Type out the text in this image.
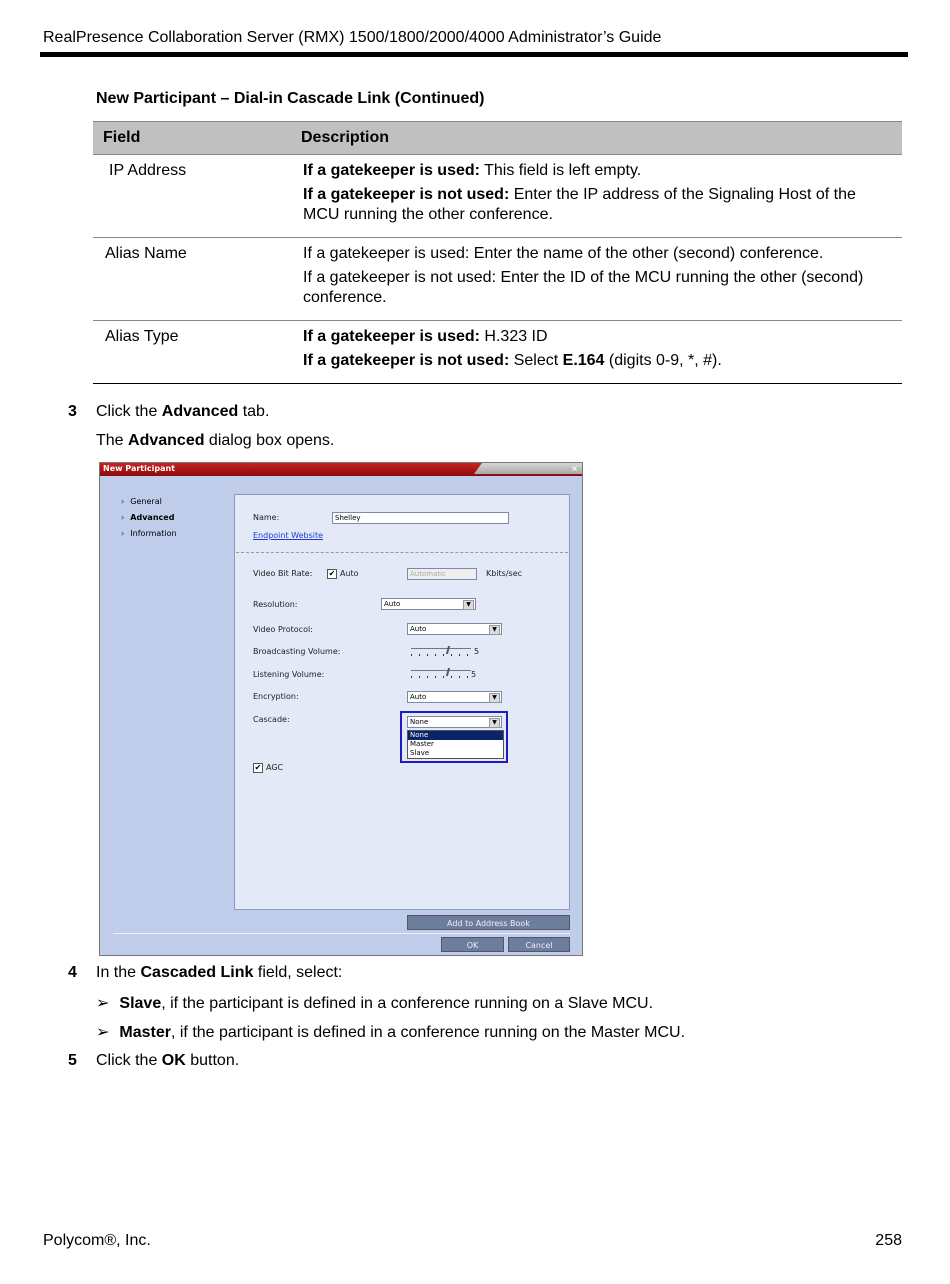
RealPresence Collaboration Server (RMX) 1500/1800/2000/4000 Administrator’s Guide
New Participant – Dial-in Cascade Link (Continued)
Field	Description
IP Address	If a gatekeeper is used: This field is left empty.

If a gatekeeper is not used: Enter the IP address of the Signaling Host of the MCU running the other conference.

Alias Name	If a gatekeeper is used: Enter the name of the other (second) conference.

If a gatekeeper is not used: Enter the ID of the MCU running the other (second) conference.

Alias Type	If a gatekeeper is used: H.323 ID

If a gatekeeper is not used: Select E.164 (digits 0-9, *, #).

3 Click the Advanced tab.
The Advanced dialog box opens.
New Participant	×
› General
› Advanced
› Information
Name:	Shelley
Endpoint Website
Video Bit Rate: ✔ Auto	Automatic	Kbits/sec
Resolution:	Auto	▼
Video Protocol:	Auto	▼
Broadcasting Volume:	5
Listening Volume:	5
Encryption:	Auto	▼
Cascade:	None	▼
None
Master
Slave
✔ AGC
Add to Address Book
OK	Cancel
4 In the Cascaded Link field, select:
➢ Slave, if the participant is defined in a conference running on a Slave MCU.
➢ Master, if the participant is defined in a conference running on the Master MCU.
5 Click the OK button.
Polycom®, Inc.	258
